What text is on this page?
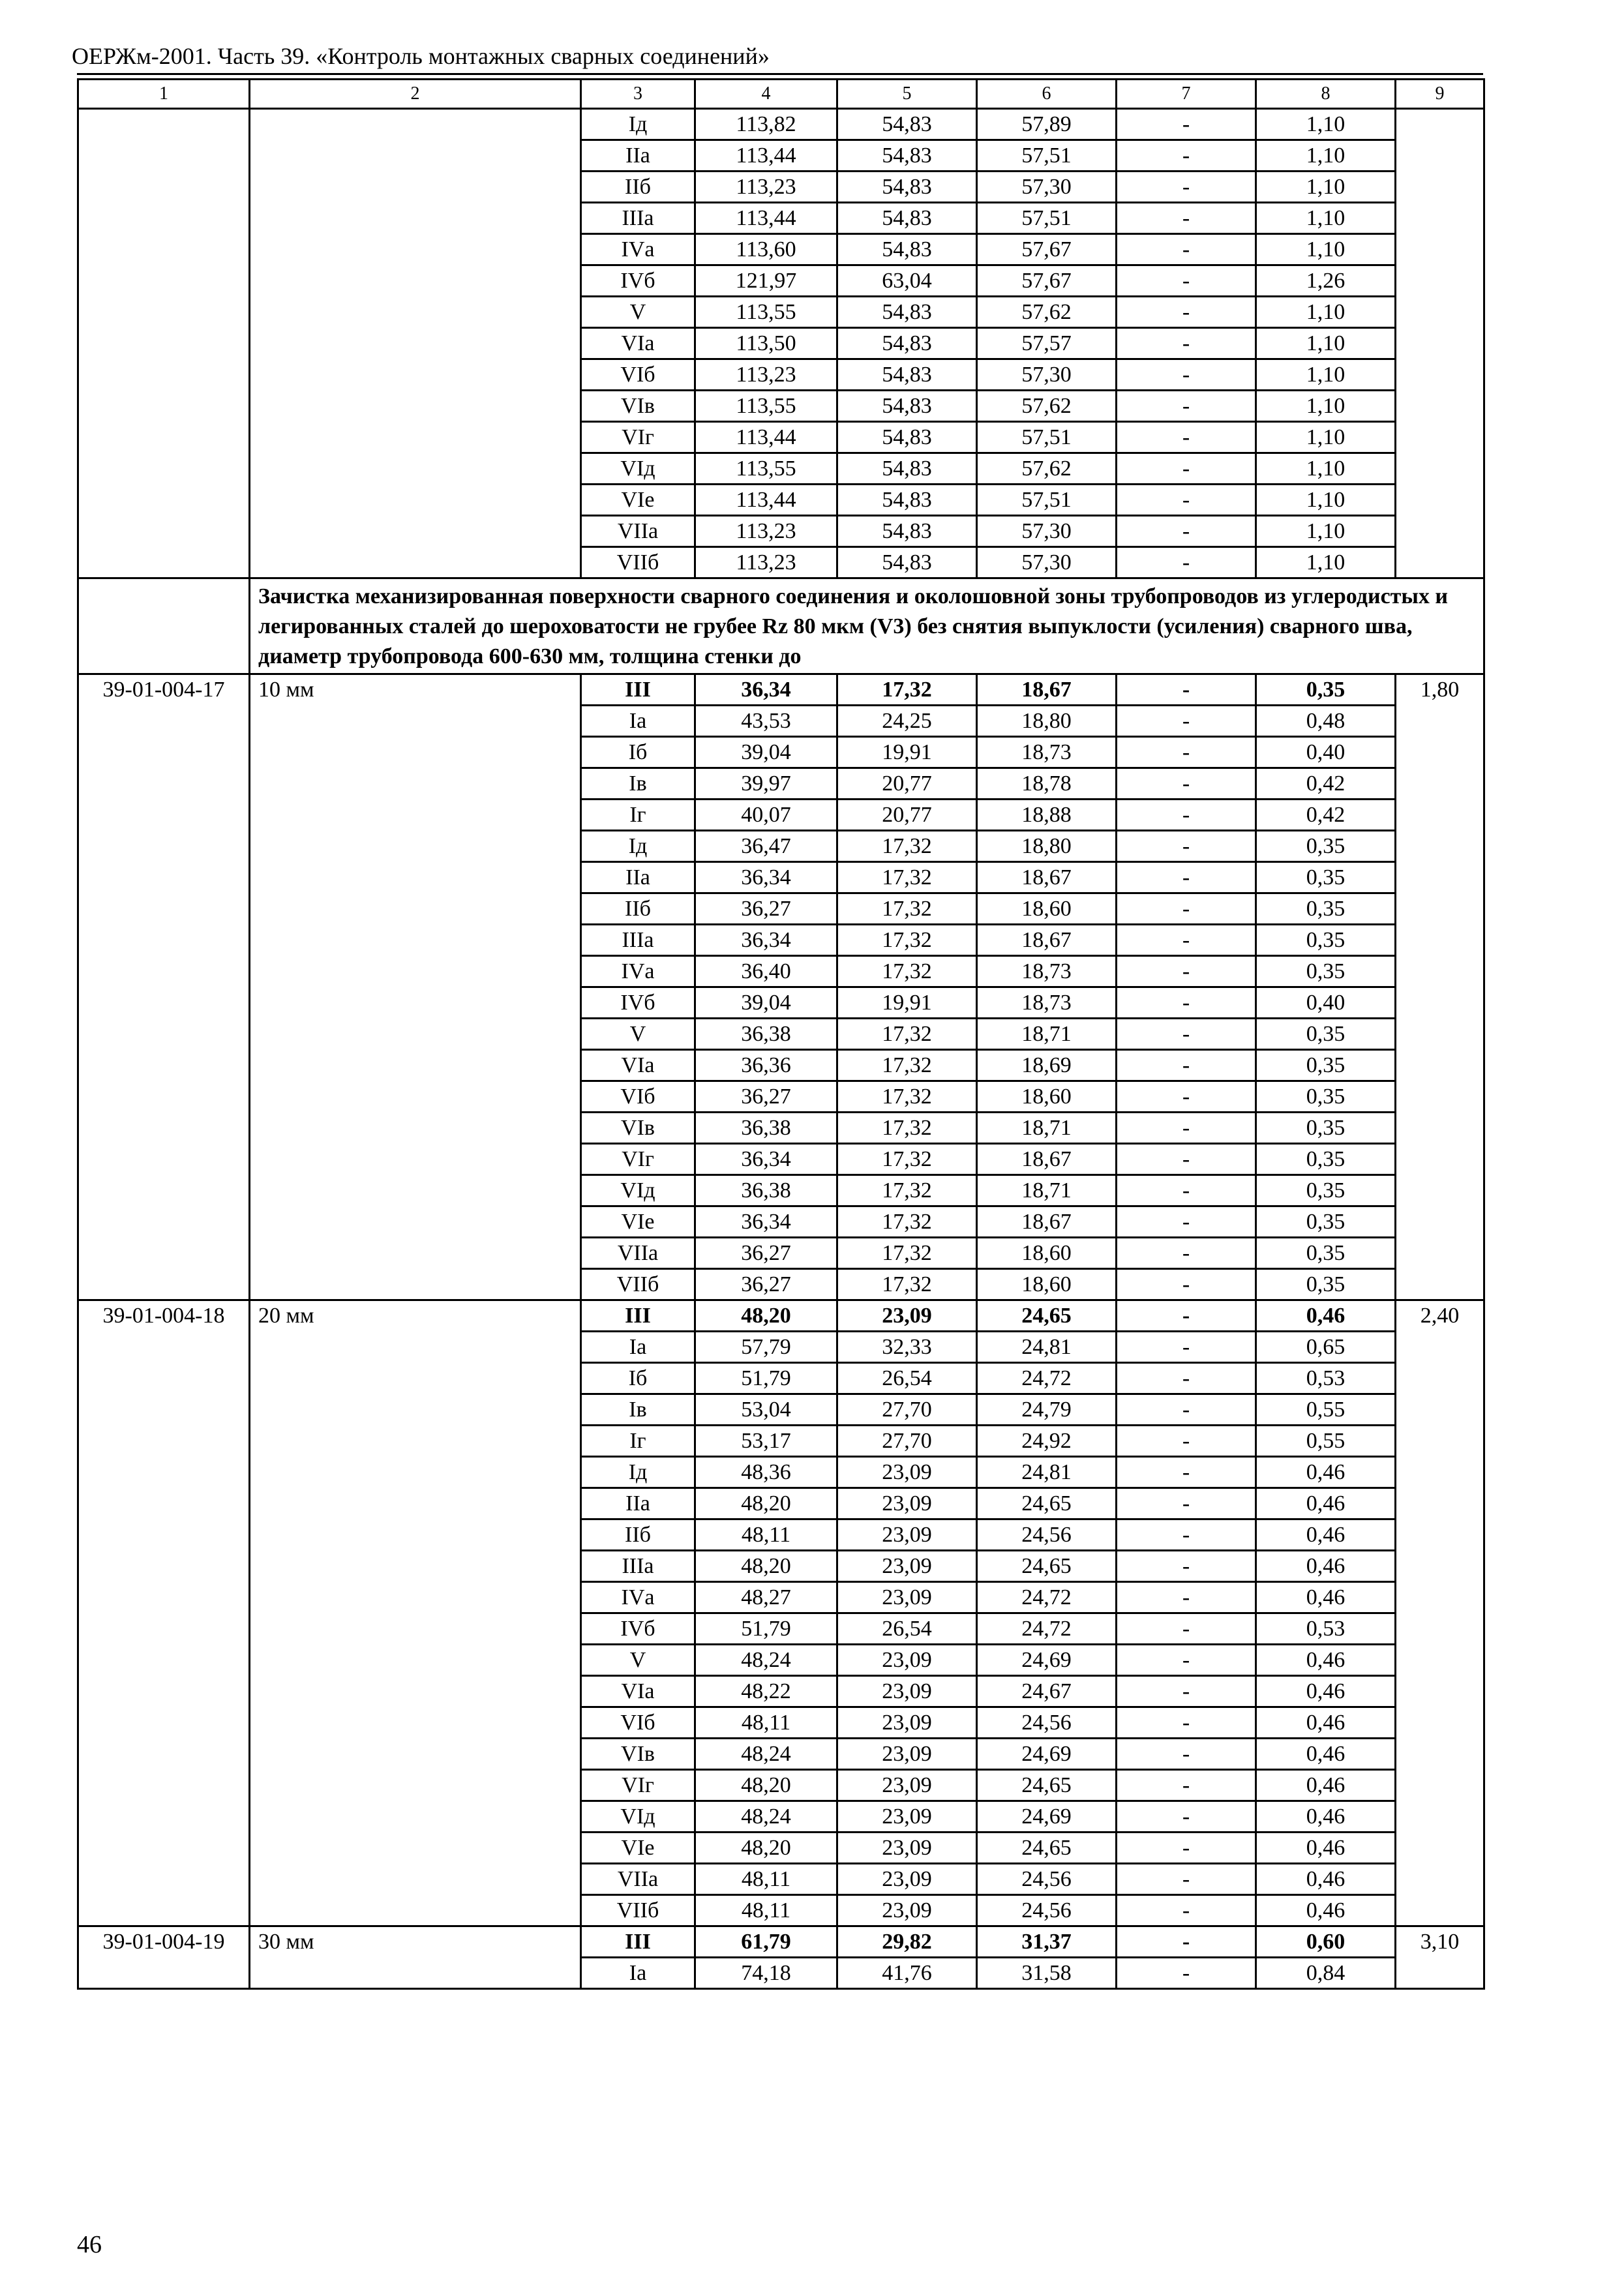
ОЕРЖм-2001. Часть 39. «Контроль монтажных сварных соединений»
1	2	3	4	5	6	7	8	9
		Iд	113,82	54,83	57,89	-	1,10	
		IIа	113,44	54,83	57,51	-	1,10	
		IIб	113,23	54,83	57,30	-	1,10	
		IIIа	113,44	54,83	57,51	-	1,10	
		IVа	113,60	54,83	57,67	-	1,10	
		IVб	121,97	63,04	57,67	-	1,26	
		V	113,55	54,83	57,62	-	1,10	
		VIа	113,50	54,83	57,57	-	1,10	
		VIб	113,23	54,83	57,30	-	1,10	
		VIв	113,55	54,83	57,62	-	1,10	
		VIг	113,44	54,83	57,51	-	1,10	
		VIд	113,55	54,83	57,62	-	1,10	
		VIе	113,44	54,83	57,51	-	1,10	
		VIIа	113,23	54,83	57,30	-	1,10	
		VIIб	113,23	54,83	57,30	-	1,10	
	Зачистка механизированная поверхности сварного соединения и околошовной зоны трубопроводов из углеродистых и легированных сталей до шероховатости не грубее Rz 80 мкм (V3) без снятия выпуклости (усиления) сварного шва, диаметр трубопровода 600-630 мм, толщина стенки до							
39-01-004-17	10 мм	III	36,34	17,32	18,67	-	0,35	1,80
		Iа	43,53	24,25	18,80	-	0,48	
		Iб	39,04	19,91	18,73	-	0,40	
		Iв	39,97	20,77	18,78	-	0,42	
		Iг	40,07	20,77	18,88	-	0,42	
		Iд	36,47	17,32	18,80	-	0,35	
		IIа	36,34	17,32	18,67	-	0,35	
		IIб	36,27	17,32	18,60	-	0,35	
		IIIа	36,34	17,32	18,67	-	0,35	
		IVа	36,40	17,32	18,73	-	0,35	
		IVб	39,04	19,91	18,73	-	0,40	
		V	36,38	17,32	18,71	-	0,35	
		VIа	36,36	17,32	18,69	-	0,35	
		VIб	36,27	17,32	18,60	-	0,35	
		VIв	36,38	17,32	18,71	-	0,35	
		VIг	36,34	17,32	18,67	-	0,35	
		VIд	36,38	17,32	18,71	-	0,35	
		VIе	36,34	17,32	18,67	-	0,35	
		VIIа	36,27	17,32	18,60	-	0,35	
		VIIб	36,27	17,32	18,60	-	0,35	
39-01-004-18	20 мм	III	48,20	23,09	24,65	-	0,46	2,40
		Iа	57,79	32,33	24,81	-	0,65	
		Iб	51,79	26,54	24,72	-	0,53	
		Iв	53,04	27,70	24,79	-	0,55	
		Iг	53,17	27,70	24,92	-	0,55	
		Iд	48,36	23,09	24,81	-	0,46	
		IIа	48,20	23,09	24,65	-	0,46	
		IIб	48,11	23,09	24,56	-	0,46	
		IIIа	48,20	23,09	24,65	-	0,46	
		IVа	48,27	23,09	24,72	-	0,46	
		IVб	51,79	26,54	24,72	-	0,53	
		V	48,24	23,09	24,69	-	0,46	
		VIа	48,22	23,09	24,67	-	0,46	
		VIб	48,11	23,09	24,56	-	0,46	
		VIв	48,24	23,09	24,69	-	0,46	
		VIг	48,20	23,09	24,65	-	0,46	
		VIд	48,24	23,09	24,69	-	0,46	
		VIе	48,20	23,09	24,65	-	0,46	
		VIIа	48,11	23,09	24,56	-	0,46	
		VIIб	48,11	23,09	24,56	-	0,46	
39-01-004-19	30 мм	III	61,79	29,82	31,37	-	0,60	3,10
		Iа	74,18	41,76	31,58	-	0,84	
46
